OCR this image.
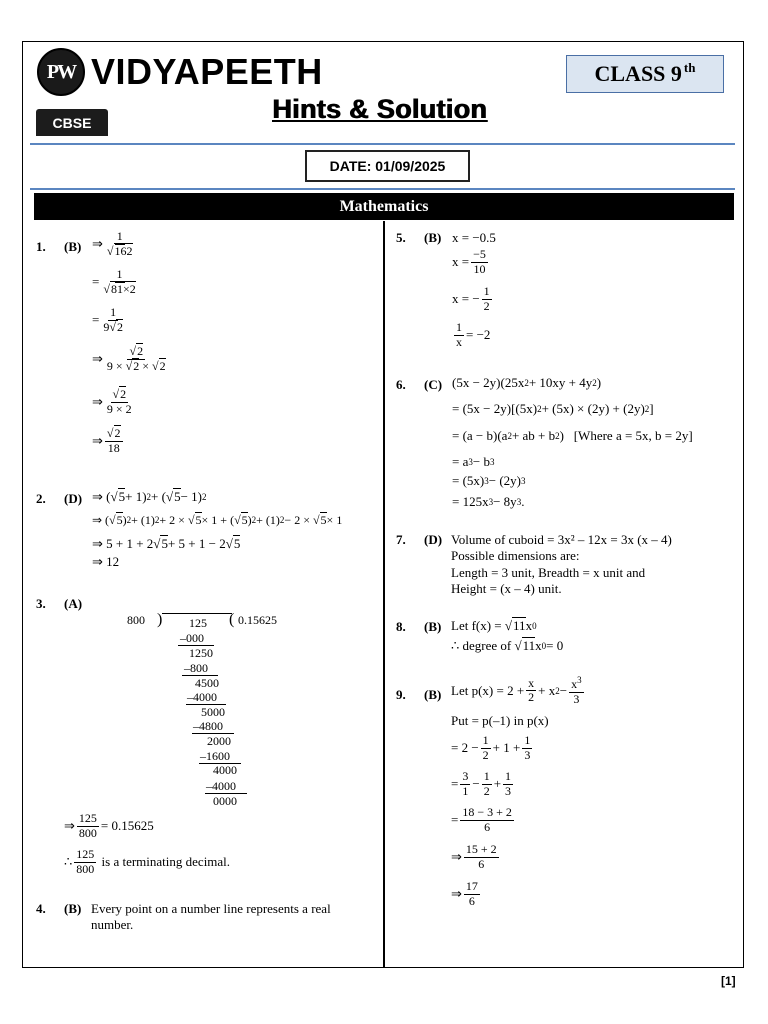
PW VIDYAPEETH
CBSE
CLASS 9th
Hints & Solution
DATE: 01/09/2025
Mathematics
1. (B) ⇒ $\frac{1}{√162}$
= $\frac{1}{√81\times 2}$
= $\frac{1}{9√2}$
⇒ $\frac{√2}{9 \times √2 \times √2}$
⇒ $\frac{√2}{9 \times 2}$
⇒ $\frac{√2}{18}$
2. (D) ⇒ (√ 5 + 1) 2 + (√ 5 − 1) 2
⇒ (√ 5 ) 2 + (1) 2 + 2 × √ 5 × 1 + (√ 5 ) 2 + (1) 2 − 2 × √ 5 × 1
⇒ 5 + 1 + 2√ 5 + 5 + 1 − 2√ 5
⇒ 12
3. (A)
800 )	( 0.15625
125
–000
1250
–800
4500
–4000
5000
–4800
2000
–1600
4000
–4000
0000
⇒ $\frac{125}{800} = 0.15625$
∴ $\frac{125}{800}$
is a terminating decimal.
4. (B) Every point on a number line represents a real
number.
5. (B) x = −0.5
$x = \frac{-5}{10}$
x = − $\frac{1}{2}$
$\frac{1}{x} = -2$
6. (C) (5x − 2y)(25x 2 + 10xy + 4y 2 )
= (5x − 2y)[(5x) 2 + (5x) × (2y) + (2y) 2 ]
= (a − b)(a 2 + ab + b 2 )   [Where a = 5x, b = 2y]
= a 3 − b 3
= (5x) 3 − (2y) 3
= 125x 3 − 8y 3 .
7. (D) Volume of cuboid = 3x² – 12x = 3x (x – 4)
Possible dimensions are:
Length = 3 unit, Breadth = x unit and
Height = (x – 4) unit.
8. (B) Let f(x) = √ 11 x 0
∴ degree of √ 11 x 0 = 0
9. (B) Let $p(x) = 2 + \frac{x}{2} + x$ $2 - \frac{x^3}{3}$
Put = p(–1) in p(x)
= $2 - \frac{1}{2} + 1 + \frac{1}{3}$
= $\frac{3}{1} - \frac{1}{2} + \frac{1}{3}$
= $\frac{18 - 3 + 2}{6}$
⇒ $\frac{15 + 2}{6}$
⇒ $\frac{17}{6}$
[1]
